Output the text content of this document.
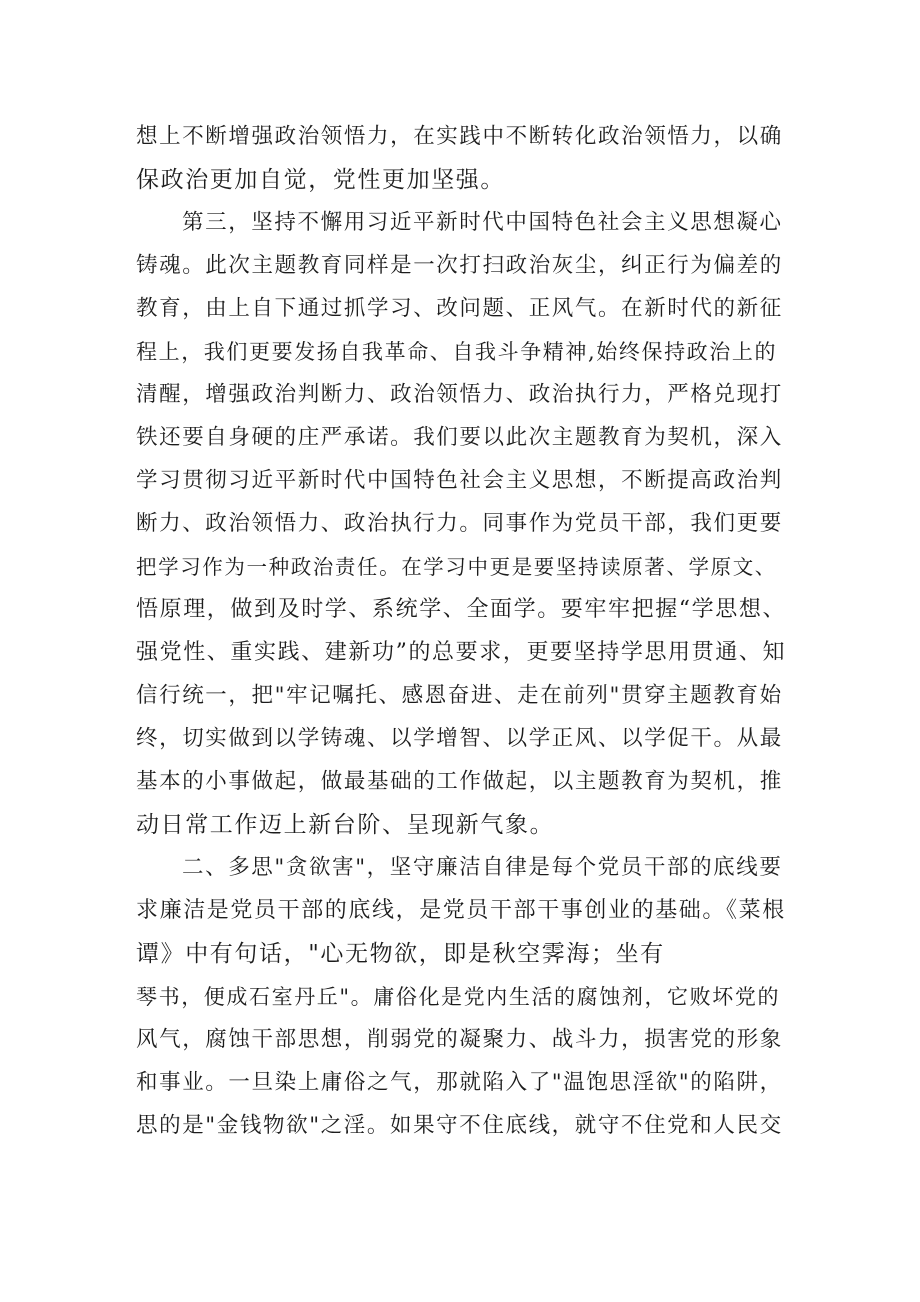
想上不断增强政治领悟力，在实践中不断转化政治领悟力，以确
保政治更加自觉，党性更加坚强。
第三，坚持不懈用习近平新时代中国特色社会主义思想凝心
铸魂。此次主题教育同样是一次打扫政治灰尘，纠正行为偏差的
教育，由上自下通过抓学习、改问题、正风气。在新时代的新征
程上，我们更要发扬自我革命、自我斗争精神,始终保持政治上的
清醒，增强政治判断力、政治领悟力、政治执行力，严格兑现打
铁还要自身硬的庄严承诺。我们要以此次主题教育为契机，深入
学习贯彻习近平新时代中国特色社会主义思想，不断提高政治判
断力、政治领悟力、政治执行力。同事作为党员干部，我们更要
把学习作为一种政治责任。在学习中更是要坚持读原著、学原文、
悟原理，做到及时学、系统学、全面学。要牢牢把握“学思想、
强党性、重实践、建新功”的总要求，更要坚持学思用贯通、知
信行统一，把"牢记嘱托、感恩奋进、走在前列"贯穿主题教育始
终，切实做到以学铸魂、以学增智、以学正风、以学促干。从最
基本的小事做起，做最基础的工作做起，以主题教育为契机，推
动日常工作迈上新台阶、呈现新气象。
二、多思"贪欲害"，坚守廉洁自律是每个党员干部的底线要
求廉洁是党员干部的底线，是党员干部干事创业的基础。《菜根
谭》中有句话，"心无物欲，即是秋空霁海；坐有
琴书，便成石室丹丘"。庸俗化是党内生活的腐蚀剂，它败坏党的
风气，腐蚀干部思想，削弱党的凝聚力、战斗力，损害党的形象
和事业。一旦染上庸俗之气，那就陷入了"温饱思淫欲"的陷阱，
思的是"金钱物欲"之淫。如果守不住底线，就守不住党和人民交
